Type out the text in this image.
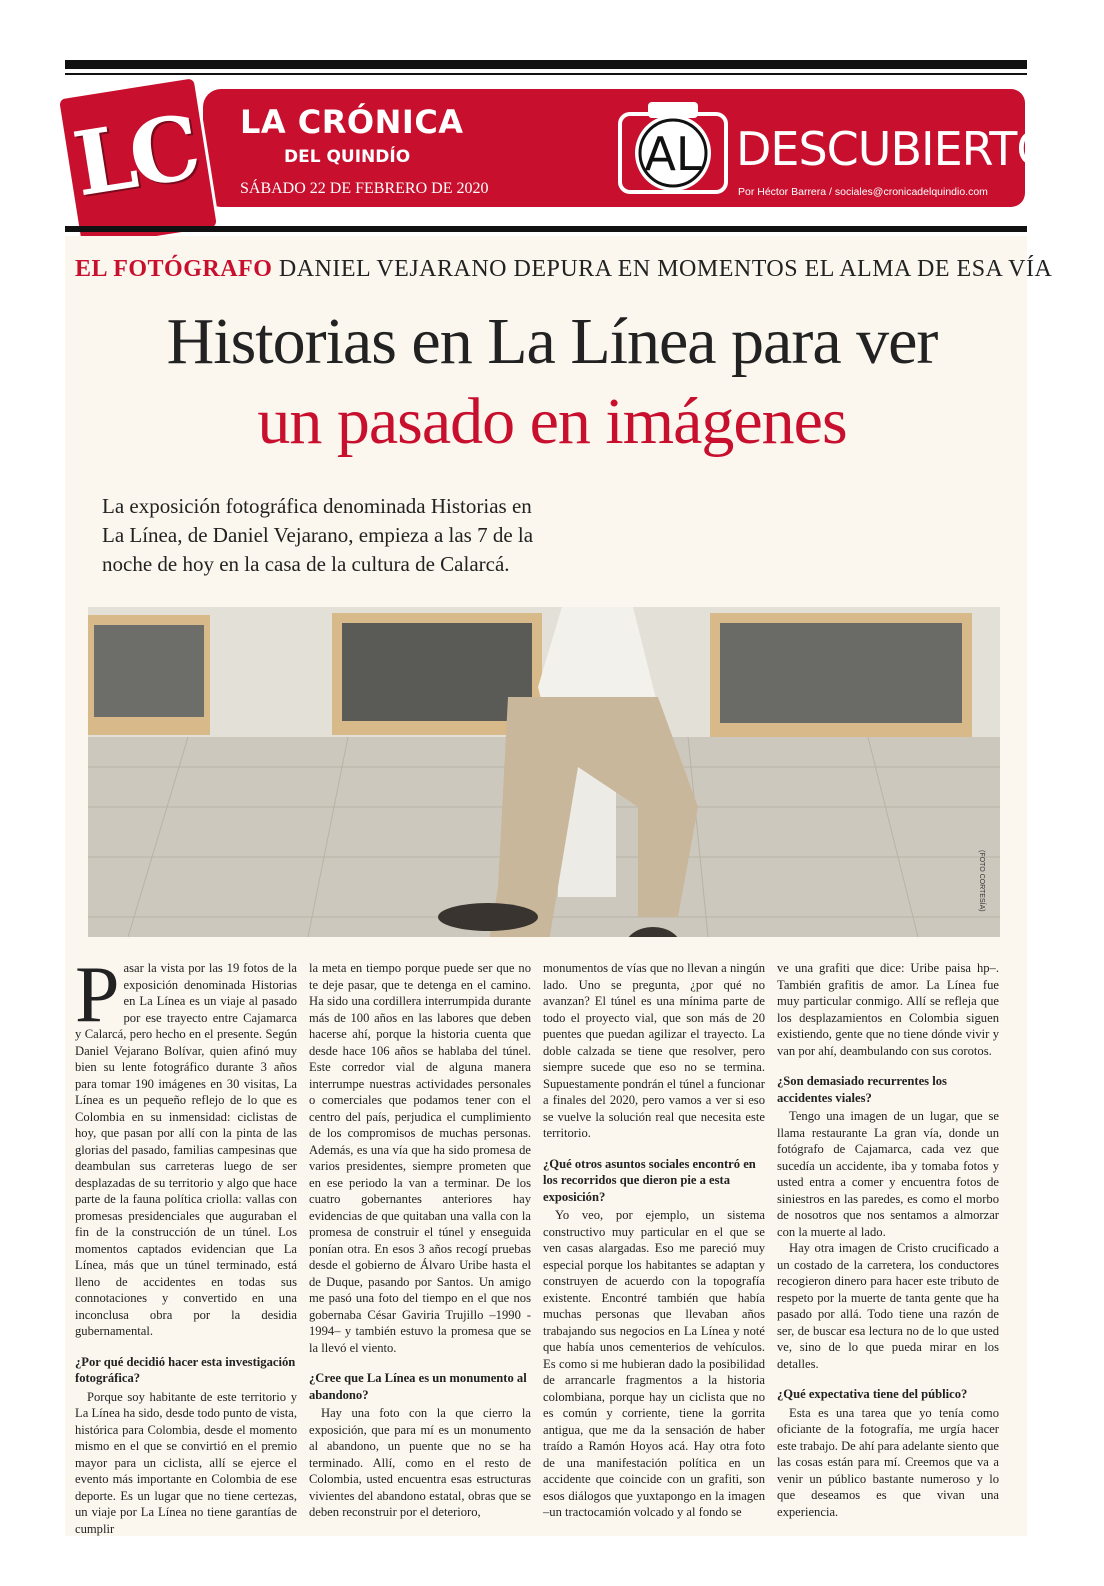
LC	LA CRÓNICA
DEL QUINDÍO
SÁBADO 22 DE FEBRERO DE 2020
AL DESCUBIERTO
Por Héctor Barrera / sociales@cronicadelquindio.com
EL FOTÓGRAFO DANIEL VEJARANO DEPURA EN MOMENTOS EL ALMA DE ESA VÍA
Historias en La Línea para ver
un pasado en imágenes
La exposición fotográfica denominada Historias en La Línea, de Daniel Vejarano, empieza a las 7 de la noche de hoy en la casa de la cultura de Calarcá.
(FOTO CORTESÍA)

Pasar la vista por las 19 fotos de la exposición denominada Historias en La Línea es un viaje al pasado por ese trayecto entre Cajamarca y Calarcá, pero hecho en el presente. Según Daniel Vejarano Bolívar, quien afinó muy bien su lente fotográfico durante 3 años para tomar 190 imágenes en 30 visitas, La Línea es un pequeño reflejo de lo que es Colombia en su inmensidad: ciclistas de hoy, que pasan por allí con la pinta de las glorias del pasado, familias campesinas que deambulan sus carreteras luego de ser desplazadas de su territorio y algo que hace parte de la fauna política criolla: vallas con promesas presidenciales que auguraban el fin de la construcción de un túnel. Los momentos captados evidencian que La Línea, más que un túnel terminado, está lleno de accidentes en todas sus connotaciones y convertido en una inconclusa obra por la desidia gubernamental.

¿Por qué decidió hacer esta investigación fotográfica?

Porque soy habitante de este territorio y La Línea ha sido, desde todo punto de vista, histórica para Colombia, desde el momento mismo en el que se convirtió en el premio mayor para un ciclista, allí se ejerce el evento más importante en Colombia de ese deporte. Es un lugar que no tiene certezas, un viaje por La Línea no tiene garantías de cumplir

la meta en tiempo porque puede ser que no te deje pasar, que te detenga en el camino. Ha sido una cordillera interrumpida durante más de 100 años en las labores que deben hacerse ahí, porque la historia cuenta que desde hace 106 años se hablaba del túnel. Este corredor vial de alguna manera interrumpe nuestras actividades personales o comerciales que podamos tener con el centro del país, perjudica el cumplimiento de los compromisos de muchas personas. Además, es una vía que ha sido promesa de varios presidentes, siempre prometen que en ese periodo la van a terminar. De los cuatro gobernantes anteriores hay evidencias de que quitaban una valla con la promesa de construir el túnel y enseguida ponían otra. En esos 3 años recogí pruebas desde el gobierno de Álvaro Uribe hasta el de Duque, pasando por Santos. Un amigo me pasó una foto del tiempo en el que nos gobernaba César Gaviria Trujillo –1990 - 1994– y también estuvo la promesa que se la llevó el viento.

¿Cree que La Línea es un monumento al abandono?

Hay una foto con la que cierro la exposición, que para mí es un monumento al abandono, un puente que no se ha terminado. Allí, como en el resto de Colombia, usted encuentra esas estructuras vivientes del abandono estatal, obras que se deben reconstruir por el deterioro,

monumentos de vías que no llevan a ningún lado. Uno se pregunta, ¿por qué no avanzan? El túnel es una mínima parte de todo el proyecto vial, que son más de 20 puentes que puedan agilizar el trayecto. La doble calzada se tiene que resolver, pero siempre sucede que eso no se termina. Supuestamente pondrán el túnel a funcionar a finales del 2020, pero vamos a ver si eso se vuelve la solución real que necesita este territorio.

¿Qué otros asuntos sociales encontró en los recorridos que dieron pie a esta exposición?

Yo veo, por ejemplo, un sistema constructivo muy particular en el que se ven casas alargadas. Eso me pareció muy especial porque los habitantes se adaptan y construyen de acuerdo con la topografía existente. Encontré también que había muchas personas que llevaban años trabajando sus negocios en La Línea y noté que había unos cementerios de vehículos. Es como si me hubieran dado la posibilidad de arrancarle fragmentos a la historia colombiana, porque hay un ciclista que no es común y corriente, tiene la gorrita antigua, que me da la sensación de haber traído a Ramón Hoyos acá. Hay otra foto de una manifestación política en un accidente que coincide con un grafiti, son esos diálogos que yuxtapongo en la imagen –un tractocamión volcado y al fondo se

ve una grafiti que dice: Uribe paisa hp–. También grafitis de amor. La Línea fue muy particular conmigo. Allí se refleja que los desplazamientos en Colombia siguen existiendo, gente que no tiene dónde vivir y van por ahí, deambulando con sus corotos.

¿Son demasiado recurrentes los accidentes viales?

Tengo una imagen de un lugar, que se llama restaurante La gran vía, donde un fotógrafo de Cajamarca, cada vez que sucedía un accidente, iba y tomaba fotos y usted entra a comer y encuentra fotos de siniestros en las paredes, es como el morbo de nosotros que nos sentamos a almorzar con la muerte al lado.

Hay otra imagen de Cristo crucificado a un costado de la carretera, los conductores recogieron dinero para hacer este tributo de respeto por la muerte de tanta gente que ha pasado por allá. Todo tiene una razón de ser, de buscar esa lectura no de lo que usted ve, sino de lo que pueda mirar en los detalles.

¿Qué expectativa tiene del público?

Esta es una tarea que yo tenía como oficiante de la fotografía, me urgía hacer este trabajo. De ahí para adelante siento que las cosas están para mí. Creemos que va a venir un público bastante numeroso y lo que deseamos es que vivan una experiencia.
